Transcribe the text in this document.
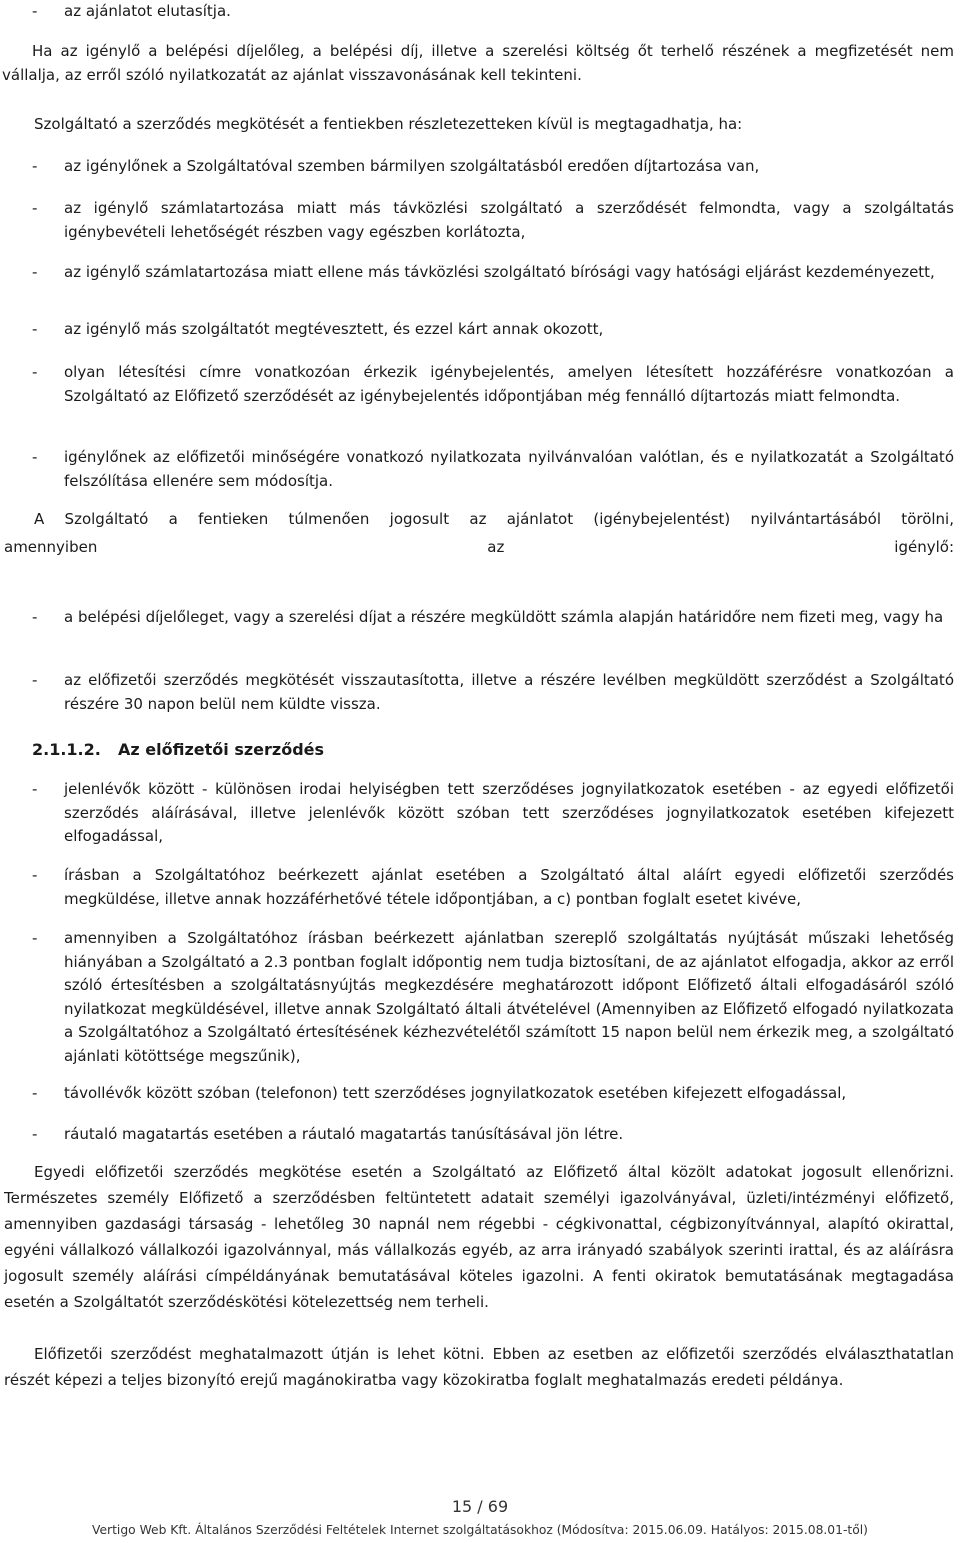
-	az ajánlatot elutasítja.

Ha az igénylő a belépési díjelőleg, a belépési díj, illetve a szerelési költség őt terhelő részének a megfizetését nem vállalja, az erről szóló nyilatkozatát az ajánlat visszavonásának kell tekinteni.

Szolgáltató a szerződés megkötését a fentiekben részletezetteken kívül is megtagadhatja, ha:

-	az igénylőnek a Szolgáltatóval szemben bármilyen szolgáltatásból eredően díjtartozása van,
-	az igénylő számlatartozása miatt más távközlési szolgáltató a szerződését felmondta, vagy a szolgáltatás igénybevételi lehetőségét részben vagy egészben korlátozta,
-	az igénylő számlatartozása miatt ellene más távközlési szolgáltató bírósági vagy hatósági eljárást kezdeményezett,
-	az igénylő más szolgáltatót megtévesztett, és ezzel kárt annak okozott,
-	olyan létesítési címre vonatkozóan érkezik igénybejelentés, amelyen létesített hozzáférésre vonatkozóan a Szolgáltató az Előfizető szerződését az igénybejelentés időpontjában még fennálló díjtartozás miatt felmondta.
-	igénylőnek az előfizetői minőségére vonatkozó nyilatkozata nyilvánvalóan valótlan, és e nyilatkozatát a Szolgáltató felszólítása ellenére sem módosítja.
A Szolgáltató a fentieken túlmenően jogosult az ajánlatot (igénybejelentést) nyilvántartásából törölni,
amennyiben az igénylő:
-	a belépési díjelőleget, vagy a szerelési díjat a részére megküldött számla alapján határidőre nem fizeti meg, vagy ha
-	az előfizetői szerződés megkötését visszautasította, illetve a részére levélben megküldött szerződést a Szolgáltató részére 30 napon belül nem küldte vissza.
2.1.1.2. Az előfizetői szerződés
-	jelenlévők között - különösen irodai helyiségben tett szerződéses jognyilatkozatok esetében - az egyedi előfizetői szerződés aláírásával, illetve jelenlévők között szóban tett szerződéses jognyilatkozatok esetében kifejezett elfogadással,
-	írásban a Szolgáltatóhoz beérkezett ajánlat esetében a Szolgáltató által aláírt egyedi előfizetői szerződés megküldése, illetve annak hozzáférhetővé tétele időpontjában, a c) pontban foglalt esetet kivéve,
-	amennyiben a Szolgáltatóhoz írásban beérkezett ajánlatban szereplő szolgáltatás nyújtását műszaki lehetőség hiányában a Szolgáltató a 2.3 pontban foglalt időpontig nem tudja biztosítani, de az ajánlatot elfogadja, akkor az erről szóló értesítésben a szolgáltatásnyújtás megkezdésére meghatározott időpont Előfizető általi elfogadásáról szóló nyilatkozat megküldésével, illetve annak Szolgáltató általi átvételével (Amennyiben az Előfizető elfogadó nyilatkozata a Szolgáltatóhoz a Szolgáltató értesítésének kézhezvételétől számított 15 napon belül nem érkezik meg, a szolgáltató ajánlati kötöttsége megszűnik),
-	távollévők között szóban (telefonon) tett szerződéses jognyilatkozatok esetében kifejezett elfogadással,
-	ráutaló magatartás esetében a ráutaló magatartás tanúsításával jön létre.

Egyedi előfizetői szerződés megkötése esetén a Szolgáltató az Előfizető által közölt adatokat jogosult ellenőrizni. Természetes személy Előfizető a szerződésben feltüntetett adatait személyi igazolványával, üzleti/intézményi előfizető, amennyiben gazdasági társaság - lehetőleg 30 napnál nem régebbi - cégkivonattal, cégbizonyítvánnyal, alapító okirattal, egyéni vállalkozó vállalkozói igazolvánnyal, más vállalkozás egyéb, az arra irányadó szabályok szerinti irattal, és az aláírásra jogosult személy aláírási címpéldányának bemutatásával köteles igazolni. A fenti okiratok bemutatásának megtagadása esetén a Szolgáltatót szerződéskötési kötelezettség nem terheli.

Előfizetői szerződést meghatalmazott útján is lehet kötni. Ebben az esetben az előfizetői szerződés elválaszthatatlan részét képezi a teljes bizonyító erejű magánokiratba vagy közokiratba foglalt meghatalmazás eredeti példánya.

15 / 69
Vertigo Web Kft. Általános Szerződési Feltételek Internet szolgáltatásokhoz (Módosítva: 2015.06.09. Hatályos: 2015.08.01-től)
